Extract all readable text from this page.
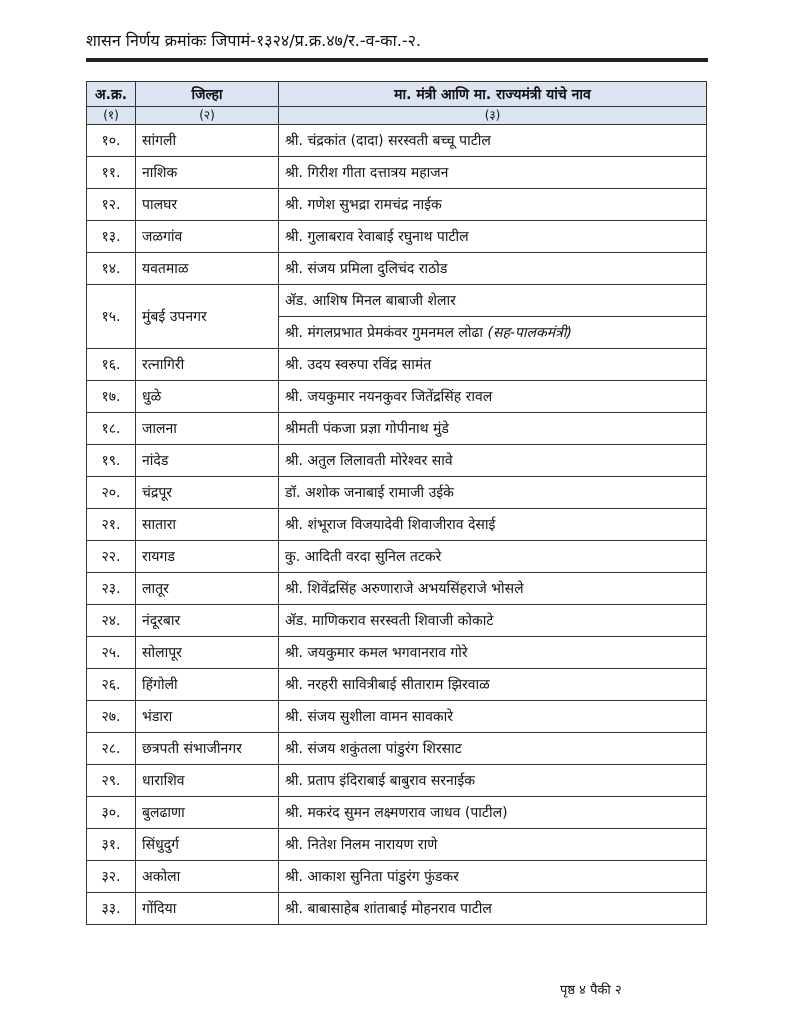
शासन निर्णय क्रमांकः जिपामं-१३२४/प्र.क्र.४७/र.-व-का.-२.
अ.क्र.	जिल्हा	मा. मंत्री आणि मा. राज्यमंत्री यांचे नाव
(१)	(२)	(३)
१०.	सांगली	श्री. चंद्रकांत (दादा) सरस्वती बच्चू पाटील
११.	नाशिक	श्री. गिरीश गीता दत्तात्रय महाजन
१२.	पालघर	श्री. गणेश सुभद्रा रामचंद्र नाईक
१३.	जळगांव	श्री. गुलाबराव रेवाबाई रघुनाथ पाटील
१४.	यवतमाळ	श्री. संजय प्रमिला दुलिचंद राठोड
१५.	मुंबई उपनगर	ॲड. आशिष मिनल बाबाजी शेलार
		श्री. मंगलप्रभात प्रेमकंवर गुमनमल लोढा (सह-पालकमंत्री)
१६.	रत्नागिरी	श्री. उदय स्वरुपा रविंद्र सामंत
१७.	धुळे	श्री. जयकुमार नयनकुवर जितेंद्रसिंह रावल
१८.	जालना	श्रीमती पंकजा प्रज्ञा गोपीनाथ मुंडे
१९.	नांदेड	श्री. अतुल लिलावती मोरेश्वर सावे
२०.	चंद्रपूर	डॉ. अशोक जनाबाई रामाजी उईके
२१.	सातारा	श्री. शंभूराज विजयादेवी शिवाजीराव देसाई
२२.	रायगड	कु. आदिती वरदा सुनिल तटकरे
२३.	लातूर	श्री. शिवेंद्रसिंह अरुणाराजे अभयसिंहराजे भोसले
२४.	नंदूरबार	ॲड. माणिकराव सरस्वती शिवाजी कोकाटे
२५.	सोलापूर	श्री. जयकुमार कमल भगवानराव गोरे
२६.	हिंगोली	श्री. नरहरी सावित्रीबाई सीताराम झिरवाळ
२७.	भंडारा	श्री. संजय सुशीला वामन सावकारे
२८.	छत्रपती संभाजीनगर	श्री. संजय शकुंतला पांडुरंग शिरसाट
२९.	धाराशिव	श्री. प्रताप इंदिराबाई बाबुराव सरनाईक
३०.	बुलढाणा	श्री. मकरंद सुमन लक्ष्मणराव जाधव (पाटील)
३१.	सिंधुदुर्ग	श्री. नितेश निलम नारायण राणे
३२.	अकोला	श्री. आकाश सुनिता पांडुरंग फुंडकर
३३.	गोंदिया	श्री. बाबासाहेब शांताबाई मोहनराव पाटील
पृष्ठ ४ पैकी २
